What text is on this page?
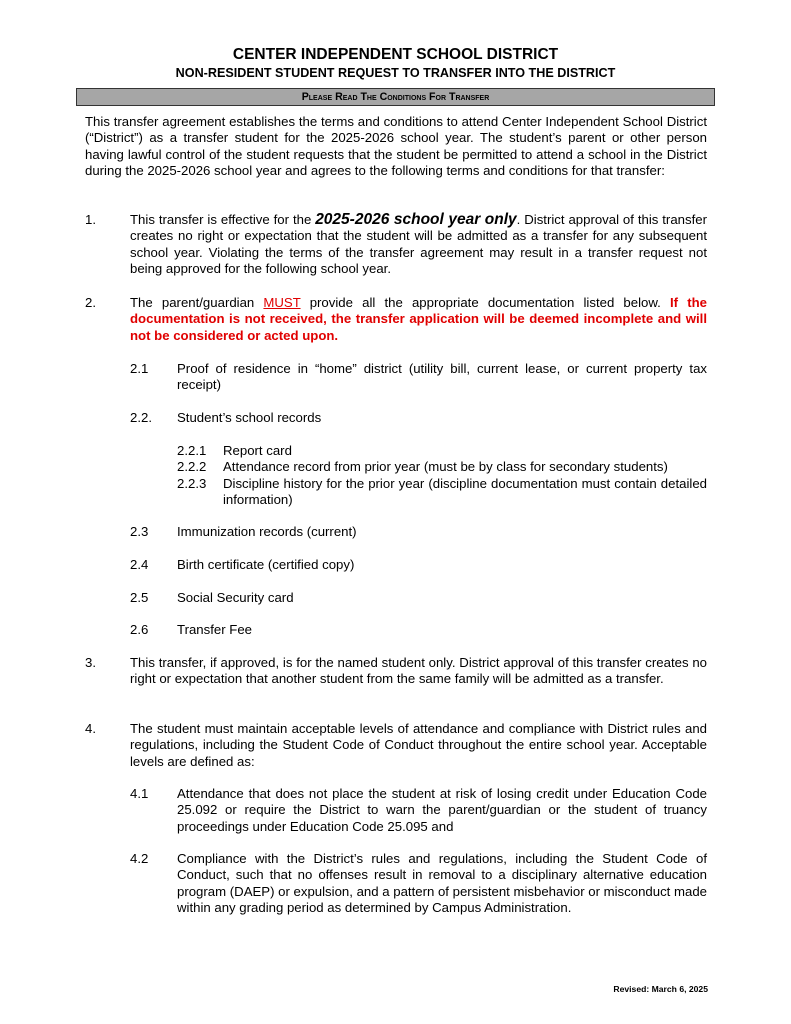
CENTER INDEPENDENT SCHOOL DISTRICT
NON-RESIDENT STUDENT REQUEST TO TRANSFER INTO THE DISTRICT
Please Read The Conditions For Transfer
This transfer agreement establishes the terms and conditions to attend Center Independent School District (“District”) as a transfer student for the 2025-2026 school year. The student’s parent or other person having lawful control of the student requests that the student be permitted to attend a school in the District during the 2025-2026 school year and agrees to the following terms and conditions for that transfer:
1.	This transfer is effective for the 2025-2026 school year only. District approval of this transfer creates no right or expectation that the student will be admitted as a transfer for any subsequent school year. Violating the terms of the transfer agreement may result in a transfer request not being approved for the following school year.
2.	The parent/guardian MUST provide all the appropriate documentation listed below. If the documentation is not received, the transfer application will be deemed incomplete and will not be considered or acted upon.
2.1 Proof of residence in “home” district (utility bill, current lease, or current property tax receipt)
2.2. Student’s school records
2.2.1 Report card
2.2.2 Attendance record from prior year (must be by class for secondary students)
2.2.3 Discipline history for the prior year (discipline documentation must contain detailed information)
2.3 Immunization records (current)
2.4 Birth certificate (certified copy)
2.5 Social Security card
2.6 Transfer Fee
3.	This transfer, if approved, is for the named student only. District approval of this transfer creates no right or expectation that another student from the same family will be admitted as a transfer.
4.	The student must maintain acceptable levels of attendance and compliance with District rules and regulations, including the Student Code of Conduct throughout the entire school year. Acceptable levels are defined as:
4.1 Attendance that does not place the student at risk of losing credit under Education Code 25.092 or require the District to warn the parent/guardian or the student of truancy proceedings under Education Code 25.095 and
4.2 Compliance with the District’s rules and regulations, including the Student Code of Conduct, such that no offenses result in removal to a disciplinary alternative education program (DAEP) or expulsion, and a pattern of persistent misbehavior or misconduct made within any grading period as determined by Campus Administration.
Revised: March 6, 2025
